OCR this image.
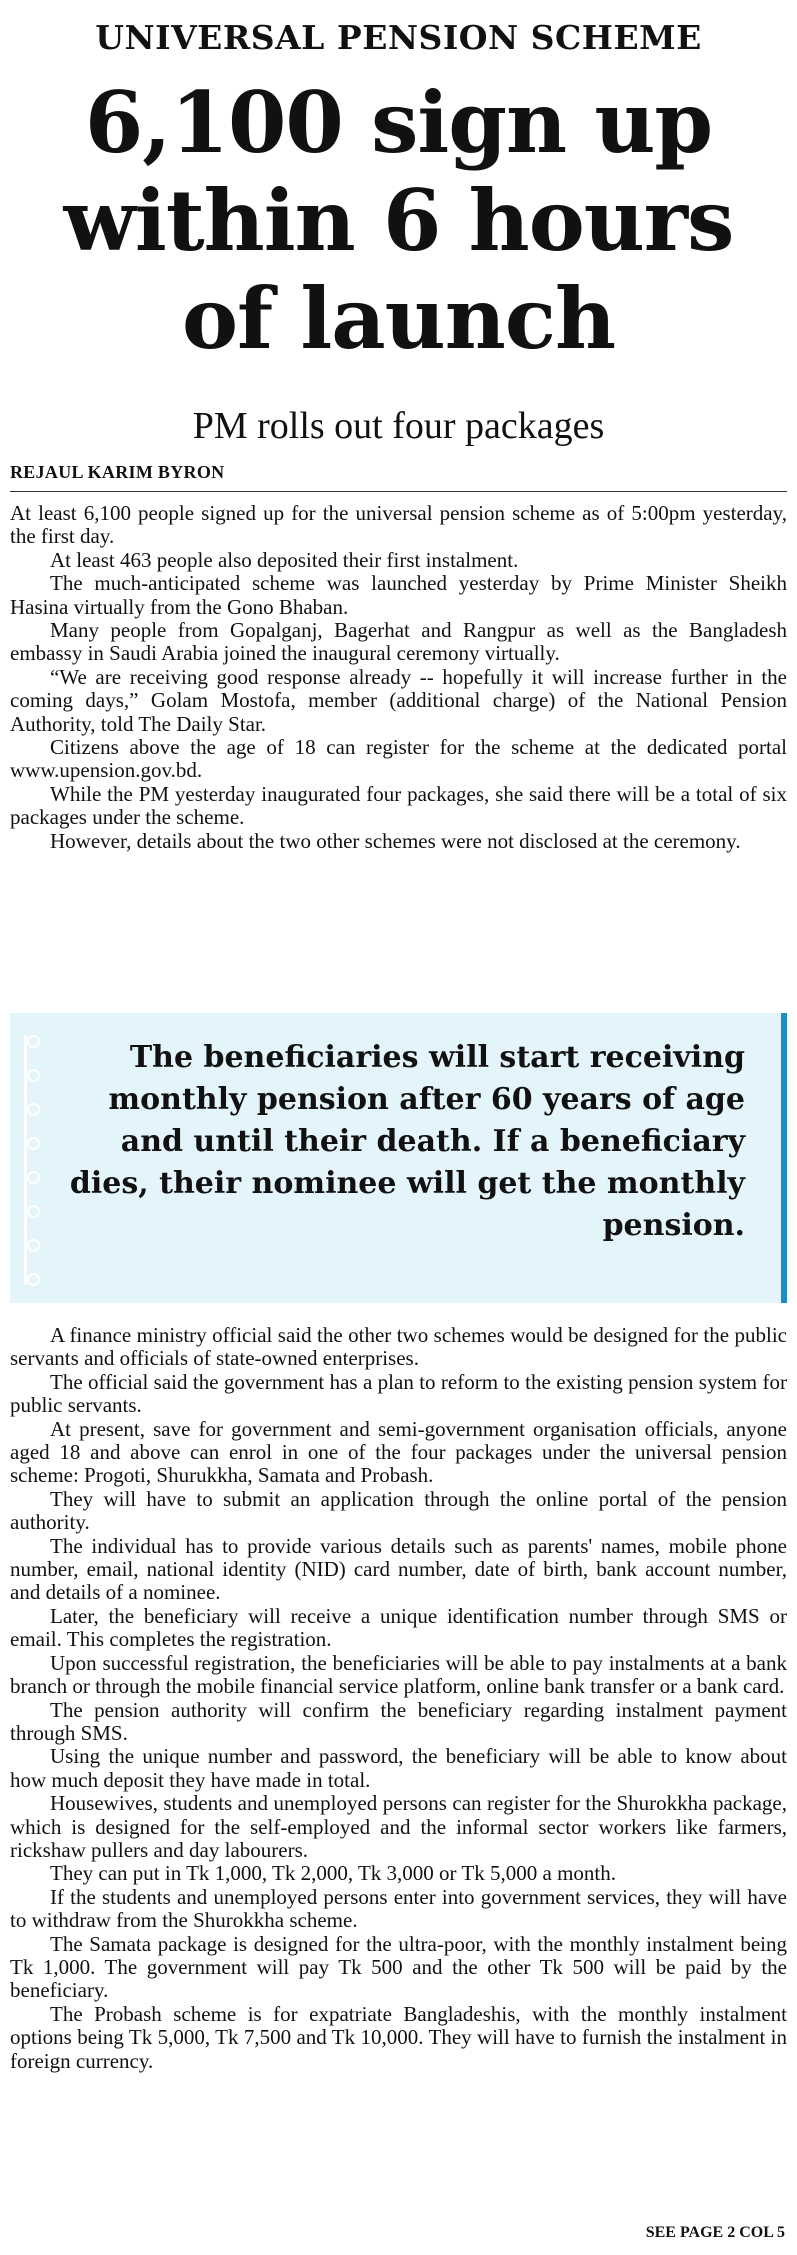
UNIVERSAL PENSION SCHEME
6,100 sign up
within 6 hours
of launch
PM rolls out four packages
REJAUL KARIM BYRON

At least 6,100 people signed up for the universal pension scheme as of 5:00pm yesterday, the first day.

At least 463 people also deposited their first instalment.

The much-anticipated scheme was launched yesterday by Prime Minister Sheikh Hasina virtually from the Gono Bhaban.

Many people from Gopalganj, Bagerhat and Rangpur as well as the Bangladesh embassy in Saudi Arabia joined the inaugural ceremony virtually.

“We are receiving good response already -- hopefully it will increase further in the coming days,” Golam Mostofa, member (additional charge) of the National Pension Authority, told The Daily Star.

Citizens above the age of 18 can register for the scheme at the dedicated portal www.upension.gov.bd.

While the PM yesterday inaugurated four packages, she said there will be a total of six packages under the scheme.

However, details about the two other schemes were not disclosed at the ceremony.

The beneficiaries will start receiving monthly pension after 60 years of age and until their death. If a beneficiary dies, their nominee will get the monthly pension.

A finance ministry official said the other two schemes would be designed for the public servants and officials of state-owned enterprises.

The official said the government has a plan to reform to the existing pension system for public servants.

At present, save for government and semi-government organisation officials, anyone aged 18 and above can enrol in one of the four packages under the universal pension scheme: Progoti, Shurukkha, Samata and Probash.

They will have to submit an application through the online portal of the pension authority.

The individual has to provide various details such as parents' names, mobile phone number, email, national identity (NID) card number, date of birth, bank account number, and details of a nominee.

Later, the beneficiary will receive a unique identification number through SMS or email. This completes the registration.

Upon successful registration, the beneficiaries will be able to pay instalments at a bank branch or through the mobile financial service platform, online bank transfer or a bank card.

The pension authority will confirm the beneficiary regarding instalment payment through SMS.

Using the unique number and password, the beneficiary will be able to know about how much deposit they have made in total.

Housewives, students and unemployed persons can register for the Shurokkha package, which is designed for the self-employed and the informal sector workers like farmers, rickshaw pullers and day labourers.

They can put in Tk 1,000, Tk 2,000, Tk 3,000 or Tk 5,000 a month.

If the students and unemployed persons enter into government services, they will have to withdraw from the Shurokkha scheme.

The Samata package is designed for the ultra-poor, with the monthly instalment being Tk 1,000. The government will pay Tk 500 and the other Tk 500 will be paid by the beneficiary.

The Probash scheme is for expatriate Bangladeshis, with the monthly instalment options being Tk 5,000, Tk 7,500 and Tk 10,000. They will have to furnish the instalment in foreign currency.

SEE PAGE 2 COL 5
